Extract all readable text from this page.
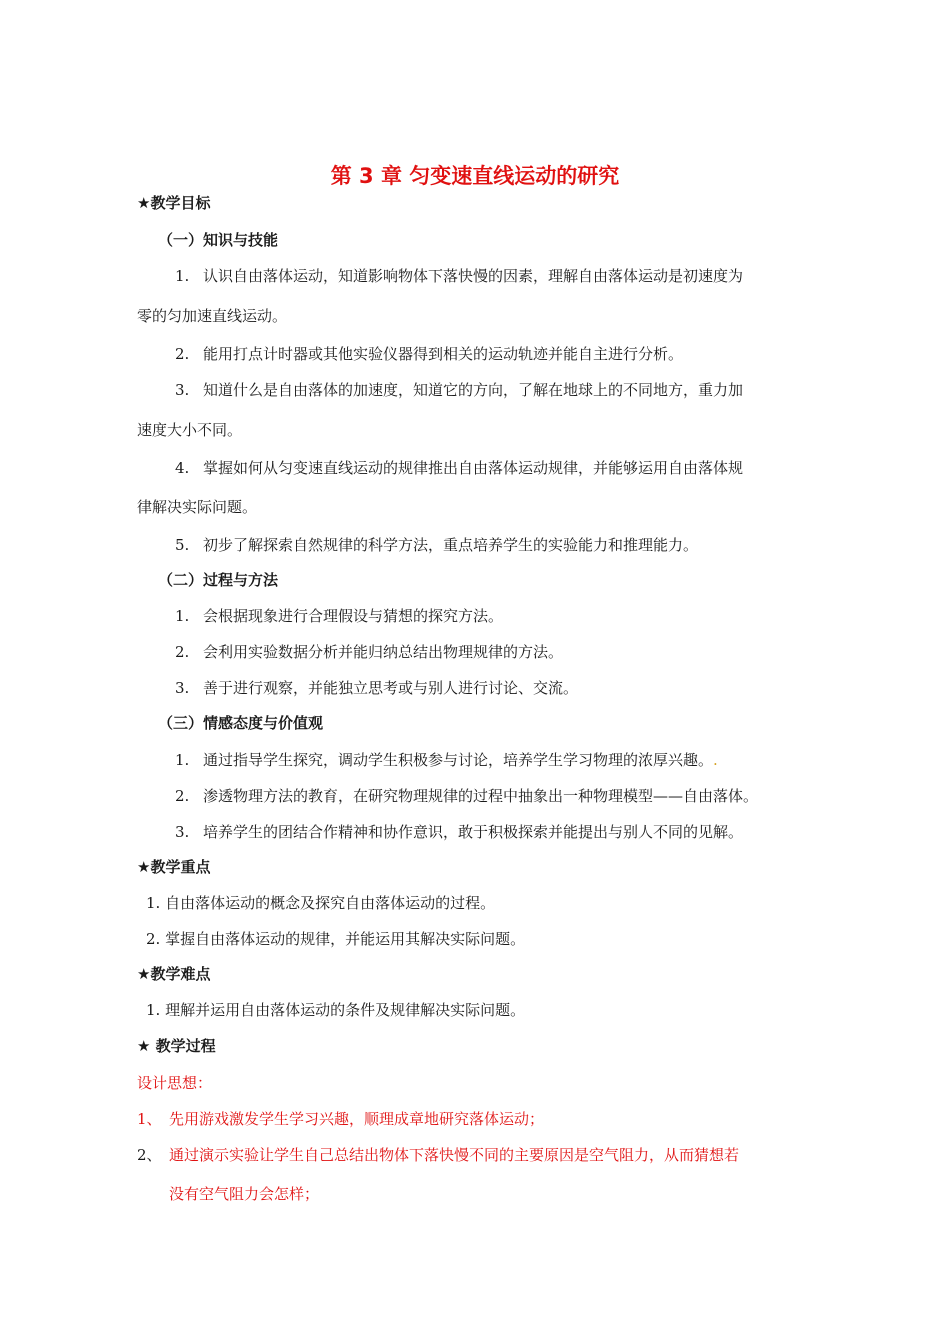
第 3 章 匀变速直线运动的研究
★教学目标
（一）知识与技能
1. 认识自由落体运动，知道影响物体下落快慢的因素，理解自由落体运动是初速度为
零的匀加速直线运动。
2. 能用打点计时器或其他实验仪器得到相关的运动轨迹并能自主进行分析。
3. 知道什么是自由落体的加速度，知道它的方向，了解在地球上的不同地方，重力加
速度大小不同。
4. 掌握如何从匀变速直线运动的规律推出自由落体运动规律，并能够运用自由落体规
律解决实际问题。
5. 初步了解探索自然规律的科学方法，重点培养学生的实验能力和推理能力。
（二）过程与方法
1. 会根据现象进行合理假设与猜想的探究方法。
2. 会利用实验数据分析并能归纳总结出物理规律的方法。
3. 善于进行观察，并能独立思考或与别人进行讨论、交流。
（三）情感态度与价值观
1. 通过指导学生探究，调动学生积极参与讨论，培养学生学习物理的浓厚兴趣。.
2. 渗透物理方法的教育，在研究物理规律的过程中抽象出一种物理模型——自由落体。
3. 培养学生的团结合作精神和协作意识，敢于积极探索并能提出与别人不同的见解。
★教学重点
1. 自由落体运动的概念及探究自由落体运动的过程。
2. 掌握自由落体运动的规律，并能运用其解决实际问题。
★教学难点
1. 理解并运用自由落体运动的条件及规律解决实际问题。
★ 教学过程
设计思想：
1、 先用游戏激发学生学习兴趣，顺理成章地研究落体运动；
2、 通过演示实验让学生自己总结出物体下落快慢不同的主要原因是空气阻力，从而猜想若
没有空气阻力会怎样；
